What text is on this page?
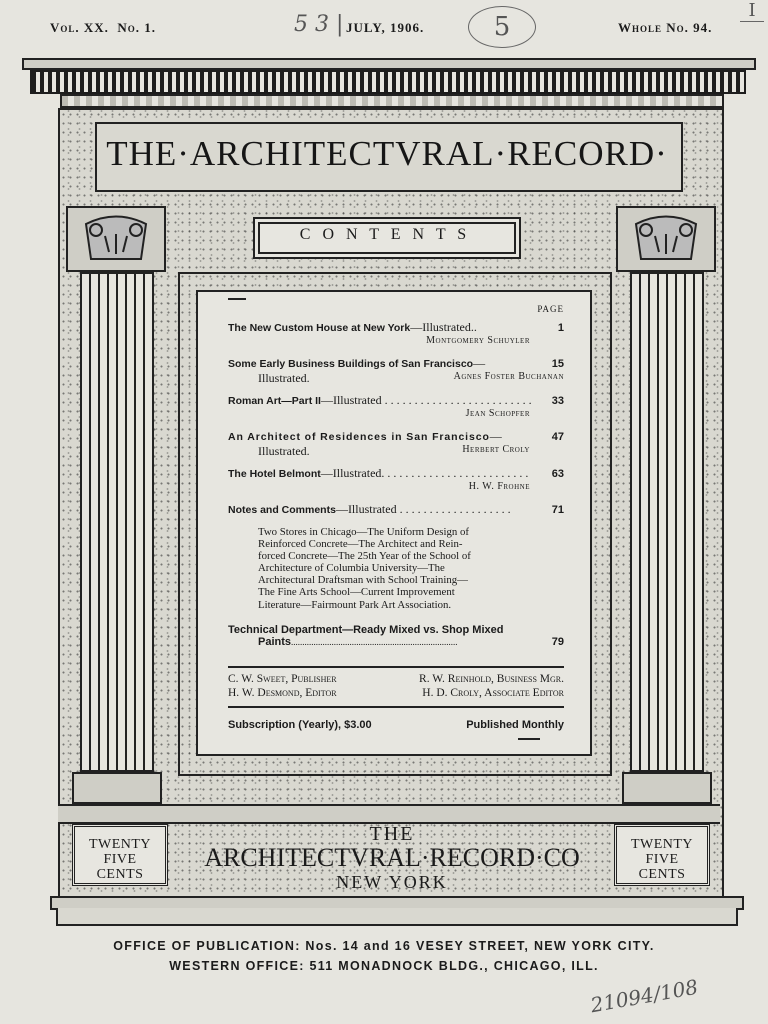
Vol. XX. No. 1.	5 3 | JULY, 1906.	5	Whole No. 94.
I
THE·ARCHITECTVRAL·RECORD·
C O N T E N T S
PAGE
The New Custom House at New York —Illustrated..	1
Montgomery Schuyler
Some Early Business Buildings of San Francisco —	15
Illustrated.	Agnes Foster Buchanan
Roman Art—Part II —Illustrated . . . . . . . . . . . . . . . . . . . . . . . . .	33
Jean Schopfer
An Architect of Residences in San Francisco —	47
Illustrated.	Herbert Croly
The Hotel Belmont —Illustrated . . . . . . . . . . . . . . . . . . . . . . . . .	63
H. W. Frohne
Notes and Comments —Illustrated . . . . . . . . . . . . . . . . . . .	71
Two Stores in Chicago—The Uniform Design of
Reinforced Concrete—The Architect and Rein-
forced Concrete—The 25th Year of the School of
Architecture of Columbia University—The
Architectural Draftsman with School Training—
The Fine Arts School—Current Improvement
Literature—Fairmount Park Art Association.
Technical Department—Ready Mixed vs. Shop Mixed
Paints ..........................................................................	79
C. W. Sweet, Publisher	R. W. Reinhold, Business Mgr.
H. W. Desmond, Editor	H. D. Croly, Associate Editor
Subscription (Yearly), $3.00	Published Monthly
TWENTY
FIVE
CENTS
TWENTY
FIVE
CENTS
THE
ARCHITECTVRAL·RECORD·CO
NEW YORK
OFFICE OF PUBLICATION: Nos. 14 and 16 VESEY STREET, NEW YORK CITY.
WESTERN OFFICE: 511 MONADNOCK BLDG., CHICAGO, ILL.
21094/108
